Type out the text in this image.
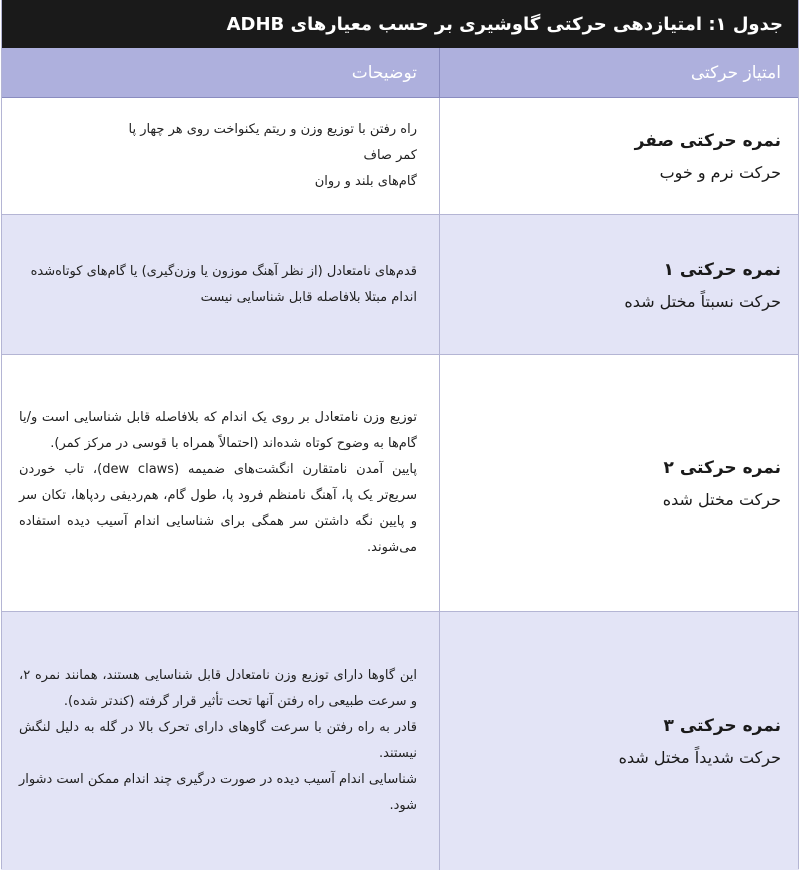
جدول ۱: امتیازدهی حرکتی گاوشیری بر حسب معیارهای ADHB
امتیاز حرکتی
توضیحات
نمره حرکتی صفر
حرکت نرم و خوب
راه رفتن با توزیع وزن و ریتم یکنواخت روی هر چهار پا
کمر صاف
گام‌های بلند و روان
نمره حرکتی ۱
حرکت نسبتاً مختل شده
قدم‌های نامتعادل (از نظر آهنگ موزون یا وزن‌گیری) یا گام‌های کوتاه‌شده
اندام مبتلا بلافاصله قابل شناسایی نیست
نمره حرکتی ۲
حرکت مختل شده
توزیع وزن نامتعادل بر روی یک اندام که بلافاصله قابل شناسایی است و/یا گام‌ها به وضوح کوتاه شده‌اند (احتمالاً همراه با قوسی در مرکز کمر).
پایین آمدن نامتقارن انگشت‌های ضمیمه (dew claws)، تاب خوردن سریع‌تر یک پا، آهنگ نامنظم فرود پا، طول گام، هم‌ردیفی ردپاها، تکان سر و پایین نگه داشتن سر همگی برای شناسایی اندام آسیب دیده استفاده می‌شوند.
نمره حرکتی ۳
حرکت شدیداً مختل شده
این گاوها دارای توزیع وزن نامتعادل قابل شناسایی هستند، همانند نمره ۲، و سرعت طبیعی راه رفتن آنها تحت تأثیر قرار گرفته (کندتر شده).
قادر به راه رفتن با سرعت گاوهای دارای تحرک بالا در گله به دلیل لنگش نیستند.
شناسایی اندام آسیب دیده در صورت درگیری چند اندام ممکن است دشوار شود.
